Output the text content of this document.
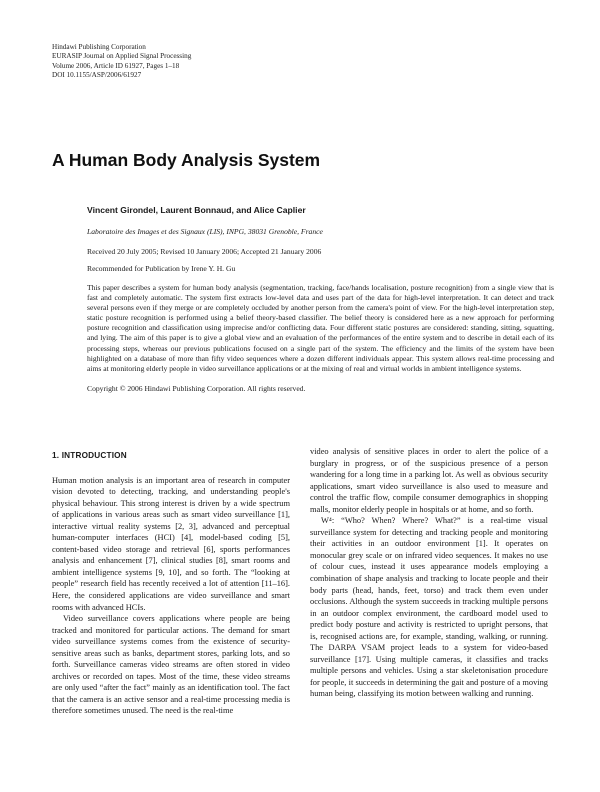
Hindawi Publishing Corporation
EURASIP Journal on Applied Signal Processing
Volume 2006, Article ID 61927, Pages 1–18
DOI 10.1155/ASP/2006/61927
A Human Body Analysis System

Vincent Girondel, Laurent Bonnaud, and Alice Caplier

Laboratoire des Images et des Signaux (LIS), INPG, 38031 Grenoble, France

Received 20 July 2005; Revised 10 January 2006; Accepted 21 January 2006

Recommended for Publication by Irene Y. H. Gu

This paper describes a system for human body analysis (segmentation, tracking, face/hands localisation, posture recognition) from a single view that is fast and completely automatic. The system first extracts low-level data and uses part of the data for high-level interpretation. It can detect and track several persons even if they merge or are completely occluded by another person from the camera's point of view. For the high-level interpretation step, static posture recognition is performed using a belief theory-based classifier. The belief theory is considered here as a new approach for performing posture recognition and classification using imprecise and/or conflicting data. Four different static postures are considered: standing, sitting, squatting, and lying. The aim of this paper is to give a global view and an evaluation of the performances of the entire system and to describe in detail each of its processing steps, whereas our previous publications focused on a single part of the system. The efficiency and the limits of the system have been highlighted on a database of more than fifty video sequences where a dozen different individuals appear. This system allows real-time processing and aims at monitoring elderly people in video surveillance applications or at the mixing of real and virtual worlds in ambient intelligence systems.

Copyright © 2006 Hindawi Publishing Corporation. All rights reserved.

1. INTRODUCTION

Human motion analysis is an important area of research in computer vision devoted to detecting, tracking, and understanding people's physical behaviour. This strong interest is driven by a wide spectrum of applications in various areas such as smart video surveillance [1], interactive virtual reality systems [2, 3], advanced and perceptual human-computer interfaces (HCI) [4], model-based coding [5], content-based video storage and retrieval [6], sports performances analysis and enhancement [7], clinical studies [8], smart rooms and ambient intelligence systems [9, 10], and so forth. The “looking at people” research field has recently received a lot of attention [11–16]. Here, the considered applications are video surveillance and smart rooms with advanced HCIs.

Video surveillance covers applications where people are being tracked and monitored for particular actions. The demand for smart video surveillance systems comes from the existence of security-sensitive areas such as banks, department stores, parking lots, and so forth. Surveillance cameras video streams are often stored in video archives or recorded on tapes. Most of the time, these video streams are only used “after the fact” mainly as an identification tool. The fact that the camera is an active sensor and a real-time processing media is therefore sometimes unused. The need is the real-time

video analysis of sensitive places in order to alert the police of a burglary in progress, or of the suspicious presence of a person wandering for a long time in a parking lot. As well as obvious security applications, smart video surveillance is also used to measure and control the traffic flow, compile consumer demographics in shopping malls, monitor elderly people in hospitals or at home, and so forth.

W⁴: “Who? When? Where? What?” is a real-time visual surveillance system for detecting and tracking people and monitoring their activities in an outdoor environment [1]. It operates on monocular grey scale or on infrared video sequences. It makes no use of colour cues, instead it uses appearance models employing a combination of shape analysis and tracking to locate people and their body parts (head, hands, feet, torso) and track them even under occlusions. Although the system succeeds in tracking multiple persons in an outdoor complex environment, the cardboard model used to predict body posture and activity is restricted to upright persons, that is, recognised actions are, for example, standing, walking, or running. The DARPA VSAM project leads to a system for video-based surveillance [17]. Using multiple cameras, it classifies and tracks multiple persons and vehicles. Using a star skeletonisation procedure for people, it succeeds in determining the gait and posture of a moving human being, classifying its motion between walking and running.
